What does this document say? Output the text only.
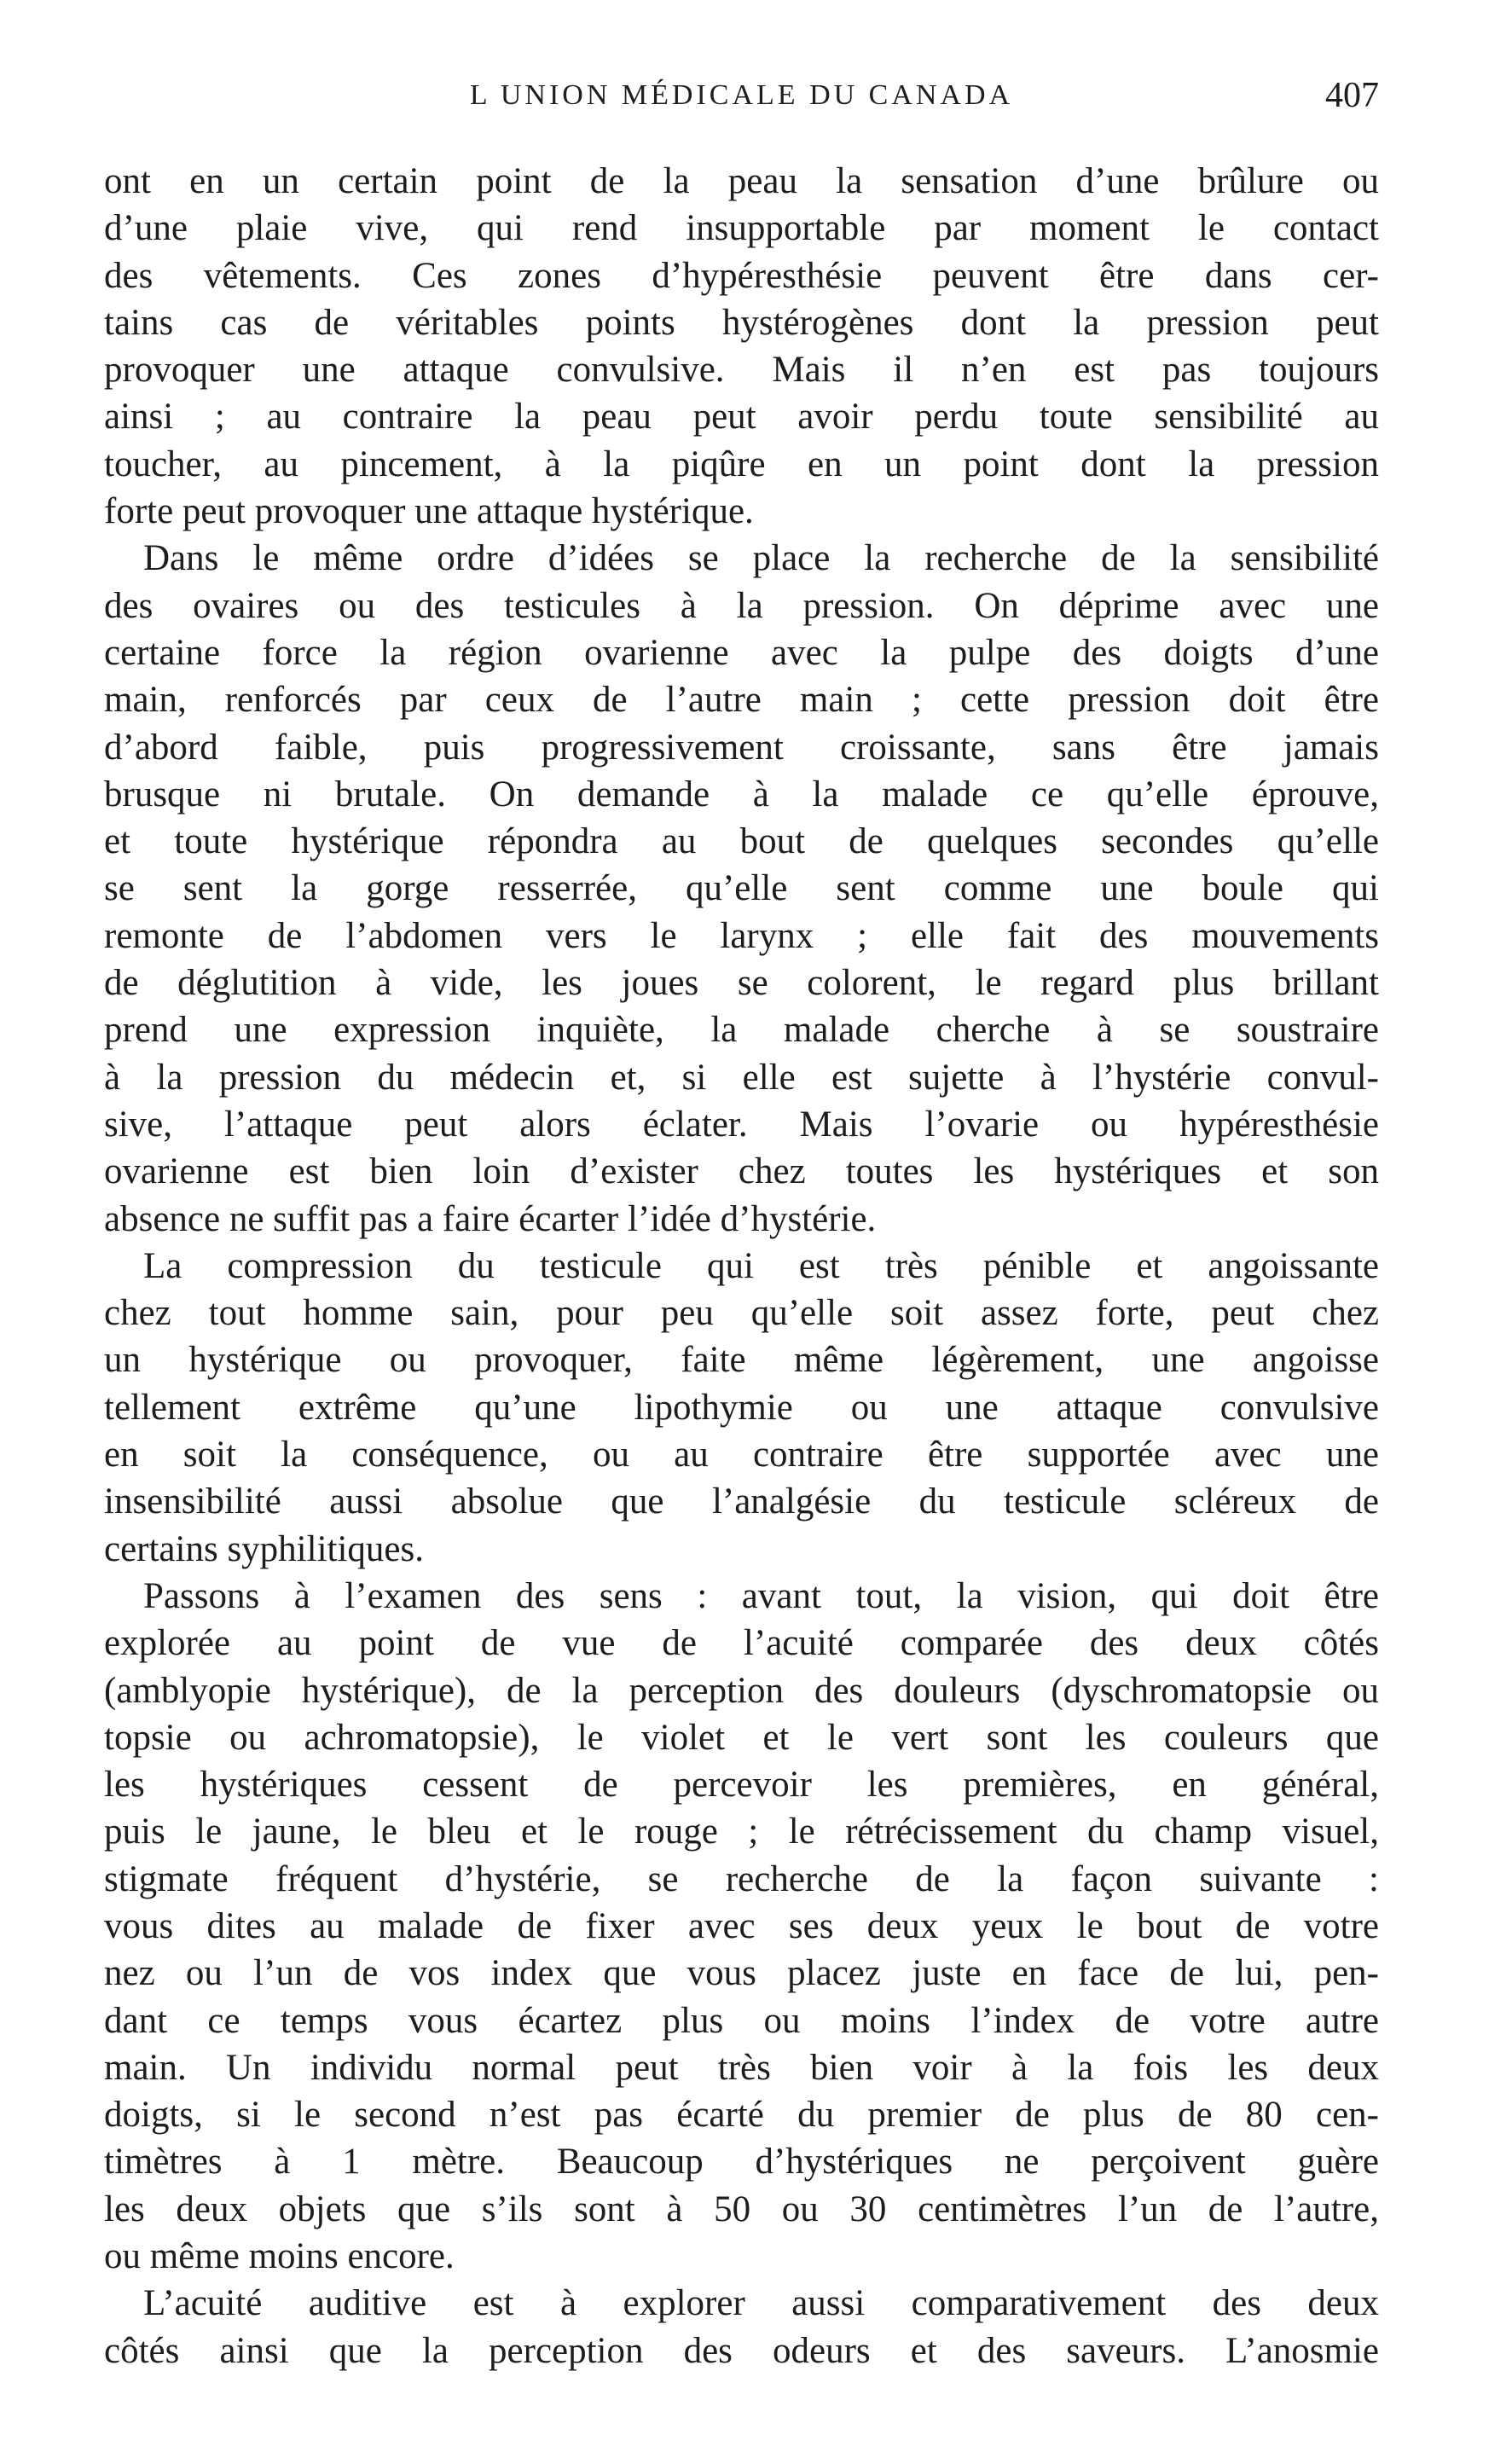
L UNION MÉDICALE DU CANADA	407
ont en un certain point de la peau la sensation d’une brûlure ou
d’une plaie vive, qui rend insupportable par moment le contact
des vêtements. Ces zones d’hypéresthésie peuvent être dans cer-
tains cas de véritables points hystérogènes dont la pression peut
provoquer une attaque convulsive. Mais il n’en est pas toujours
ainsi ; au contraire la peau peut avoir perdu toute sensibilité au
toucher, au pincement, à la piqûre en un point dont la pression
forte peut provoquer une attaque hystérique.
Dans le même ordre d’idées se place la recherche de la sensibilité
des ovaires ou des testicules à la pression. On déprime avec une
certaine force la région ovarienne avec la pulpe des doigts d’une
main, renforcés par ceux de l’autre main ; cette pression doit être
d’abord faible, puis progressivement croissante, sans être jamais
brusque ni brutale. On demande à la malade ce qu’elle éprouve,
et toute hystérique répondra au bout de quelques secondes qu’elle
se sent la gorge resserrée, qu’elle sent comme une boule qui
remonte de l’abdomen vers le larynx ; elle fait des mouvements
de déglutition à vide, les joues se colorent, le regard plus brillant
prend une expression inquiète, la malade cherche à se soustraire
à la pression du médecin et, si elle est sujette à l’hystérie convul-
sive, l’attaque peut alors éclater. Mais l’ovarie ou hypéresthésie
ovarienne est bien loin d’exister chez toutes les hystériques et son
absence ne suffit pas a faire écarter l’idée d’hystérie.
La compression du testicule qui est très pénible et angoissante
chez tout homme sain, pour peu qu’elle soit assez forte, peut chez
un hystérique ou provoquer, faite même légèrement, une angoisse
tellement extrême qu’une lipothymie ou une attaque convulsive
en soit la conséquence, ou au contraire être supportée avec une
insensibilité aussi absolue que l’analgésie du testicule scléreux de
certains syphilitiques.
Passons à l’examen des sens : avant tout, la vision, qui doit être
explorée au point de vue de l’acuité comparée des deux côtés
(amblyopie hystérique), de la perception des douleurs (dyschromatopsie ou
topsie ou achromatopsie), le violet et le vert sont les couleurs que
les hystériques cessent de percevoir les premières, en général,
puis le jaune, le bleu et le rouge ; le rétrécissement du champ visuel,
stigmate fréquent d’hystérie, se recherche de la façon suivante :
vous dites au malade de fixer avec ses deux yeux le bout de votre
nez ou l’un de vos index que vous placez juste en face de lui, pen-
dant ce temps vous écartez plus ou moins l’index de votre autre
main. Un individu normal peut très bien voir à la fois les deux
doigts, si le second n’est pas écarté du premier de plus de 80 cen-
timètres à 1 mètre. Beaucoup d’hystériques ne perçoivent guère
les deux objets que s’ils sont à 50 ou 30 centimètres l’un de l’autre,
ou même moins encore.
L’acuité auditive est à explorer aussi comparativement des deux
côtés ainsi que la perception des odeurs et des saveurs. L’anosmie
